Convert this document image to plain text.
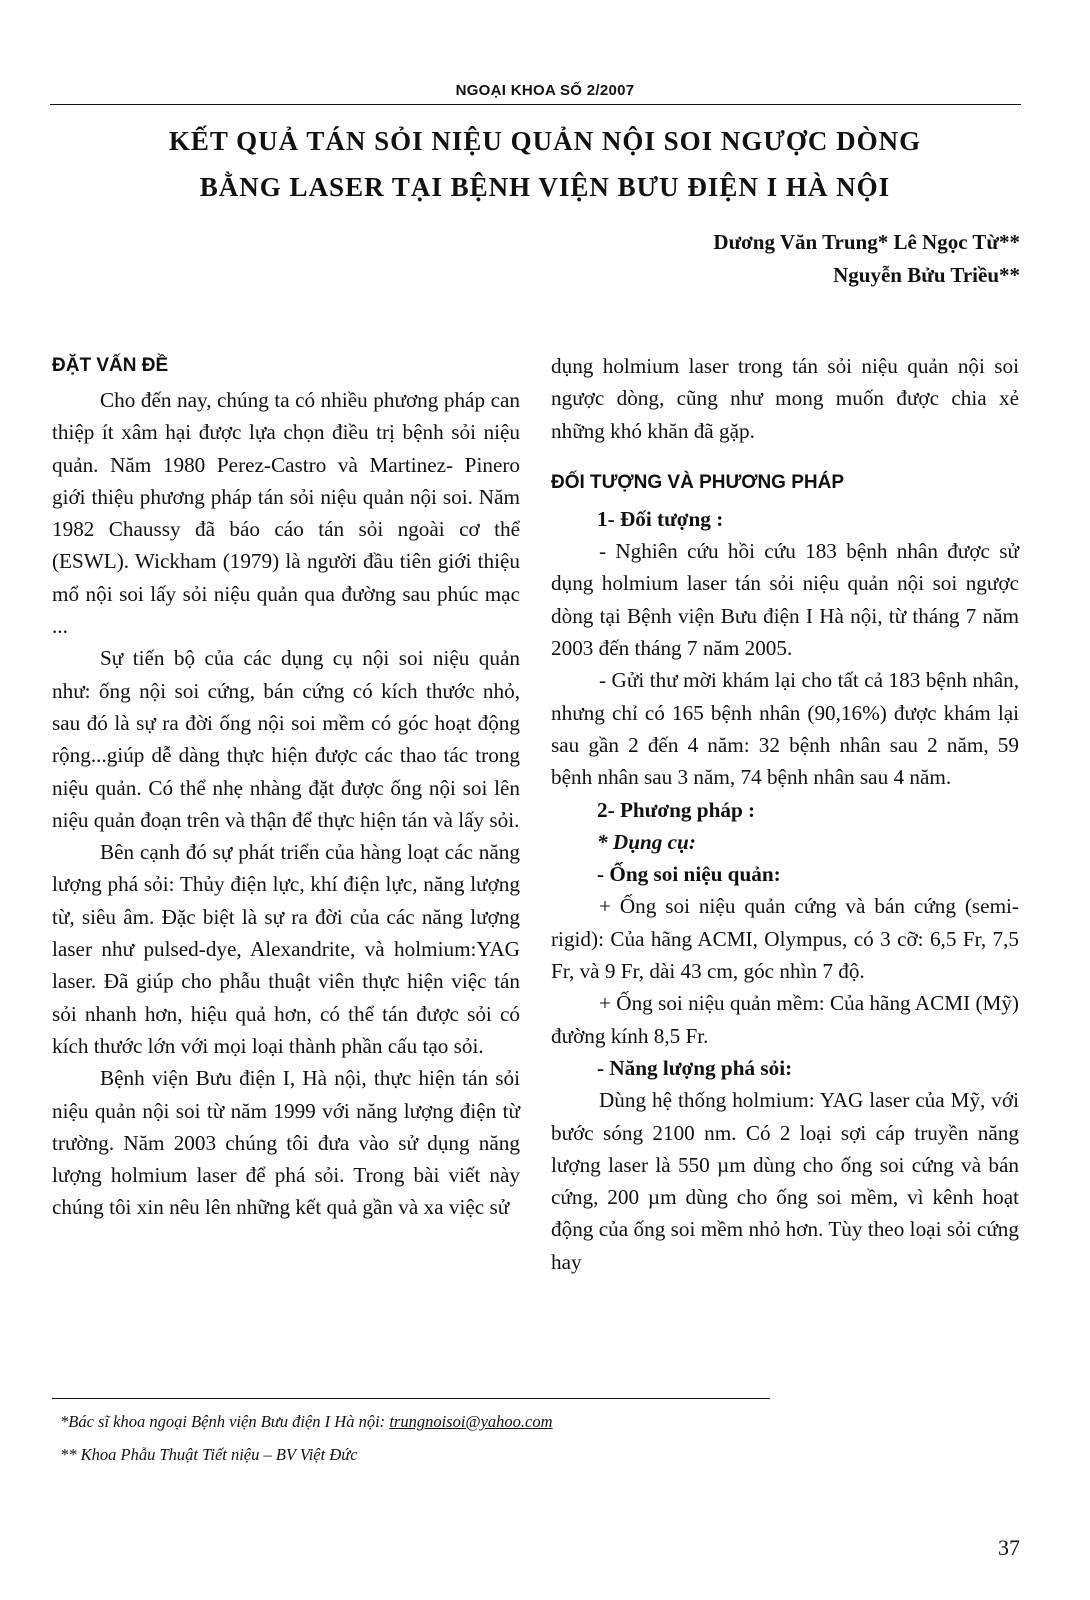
NGOẠI KHOA SỐ 2/2007
KẾT QUẢ TÁN SỎI NIỆU QUẢN NỘI SOI NGƯỢC DÒNG
BẰNG LASER TẠI BỆNH VIỆN BƯU ĐIỆN I HÀ NỘI
Dương Văn Trung* Lê Ngọc Từ**
Nguyễn Bửu Triều**
ĐẶT VẤN ĐỀ

Cho đến nay, chúng ta có nhiều phương pháp can thiệp ít xâm hại được lựa chọn điều trị bệnh sỏi niệu quản. Năm 1980 Perez-Castro và Martinez- Pinero giới thiệu phương pháp tán sỏi niệu quản nội soi. Năm 1982 Chaussy đã báo cáo tán sỏi ngoài cơ thể (ESWL). Wickham (1979) là người đầu tiên giới thiệu mổ nội soi lấy sỏi niệu quản qua đường sau phúc mạc ...

Sự tiến bộ của các dụng cụ nội soi niệu quản như: ống nội soi cứng, bán cứng có kích thước nhỏ, sau đó là sự ra đời ống nội soi mềm có góc hoạt động rộng...giúp dễ dàng thực hiện được các thao tác trong niệu quản. Có thể nhẹ nhàng đặt được ống nội soi lên niệu quản đoạn trên và thận để thực hiện tán và lấy sỏi.

Bên cạnh đó sự phát triển của hàng loạt các năng lượng phá sỏi: Thủy điện lực, khí điện lực, năng lượng từ, siêu âm. Đặc biệt là sự ra đời của các năng lượng laser như pulsed-dye, Alexandrite, và holmium:YAG laser. Đã giúp cho phẫu thuật viên thực hiện việc tán sỏi nhanh hơn, hiệu quả hơn, có thể tán được sỏi có kích thước lớn với mọi loại thành phần cấu tạo sỏi.

Bệnh viện Bưu điện I, Hà nội, thực hiện tán sỏi niệu quản nội soi từ năm 1999 với năng lượng điện từ trường. Năm 2003 chúng tôi đưa vào sử dụng năng lượng holmium laser để phá sỏi. Trong bài viết này chúng tôi xin nêu lên những kết quả gần và xa việc sử

dụng holmium laser trong tán sỏi niệu quản nội soi ngược dòng, cũng như mong muốn được chia xẻ những khó khăn đã gặp.

ĐỐI TƯỢNG VÀ PHƯƠNG PHÁP

1- Đối tượng :

- Nghiên cứu hồi cứu 183 bệnh nhân được sử dụng holmium laser tán sỏi niệu quản nội soi ngược dòng tại Bệnh viện Bưu điện I Hà nội, từ tháng 7 năm 2003 đến tháng 7 năm 2005.

- Gửi thư mời khám lại cho tất cả 183 bệnh nhân, nhưng chỉ có 165 bệnh nhân (90,16%) được khám lại sau gần 2 đến 4 năm: 32 bệnh nhân sau 2 năm, 59 bệnh nhân sau 3 năm, 74 bệnh nhân sau 4 năm.

2- Phương pháp :

* Dụng cụ:

- Ống soi niệu quản:

+ Ống soi niệu quản cứng và bán cứng (semi-rigid): Của hãng ACMI, Olympus, có 3 cỡ: 6,5 Fr, 7,5 Fr, và 9 Fr, dài 43 cm, góc nhìn 7 độ.

+ Ống soi niệu quản mềm: Của hãng ACMI (Mỹ) đường kính 8,5 Fr.

- Năng lượng phá sỏi:

Dùng hệ thống holmium: YAG laser của Mỹ, với bước sóng 2100 nm. Có 2 loại sợi cáp truyền năng lượng laser là 550 µm dùng cho ống soi cứng và bán cứng, 200 µm dùng cho ống soi mềm, vì kênh hoạt động của ống soi mềm nhỏ hơn. Tùy theo loại sỏi cứng hay

*Bác sĩ khoa ngoại Bệnh viện Bưu điện I Hà nội: trungnoisoi@yahoo.com
** Khoa Phẫu Thuật Tiết niệu – BV Việt Đức
37
